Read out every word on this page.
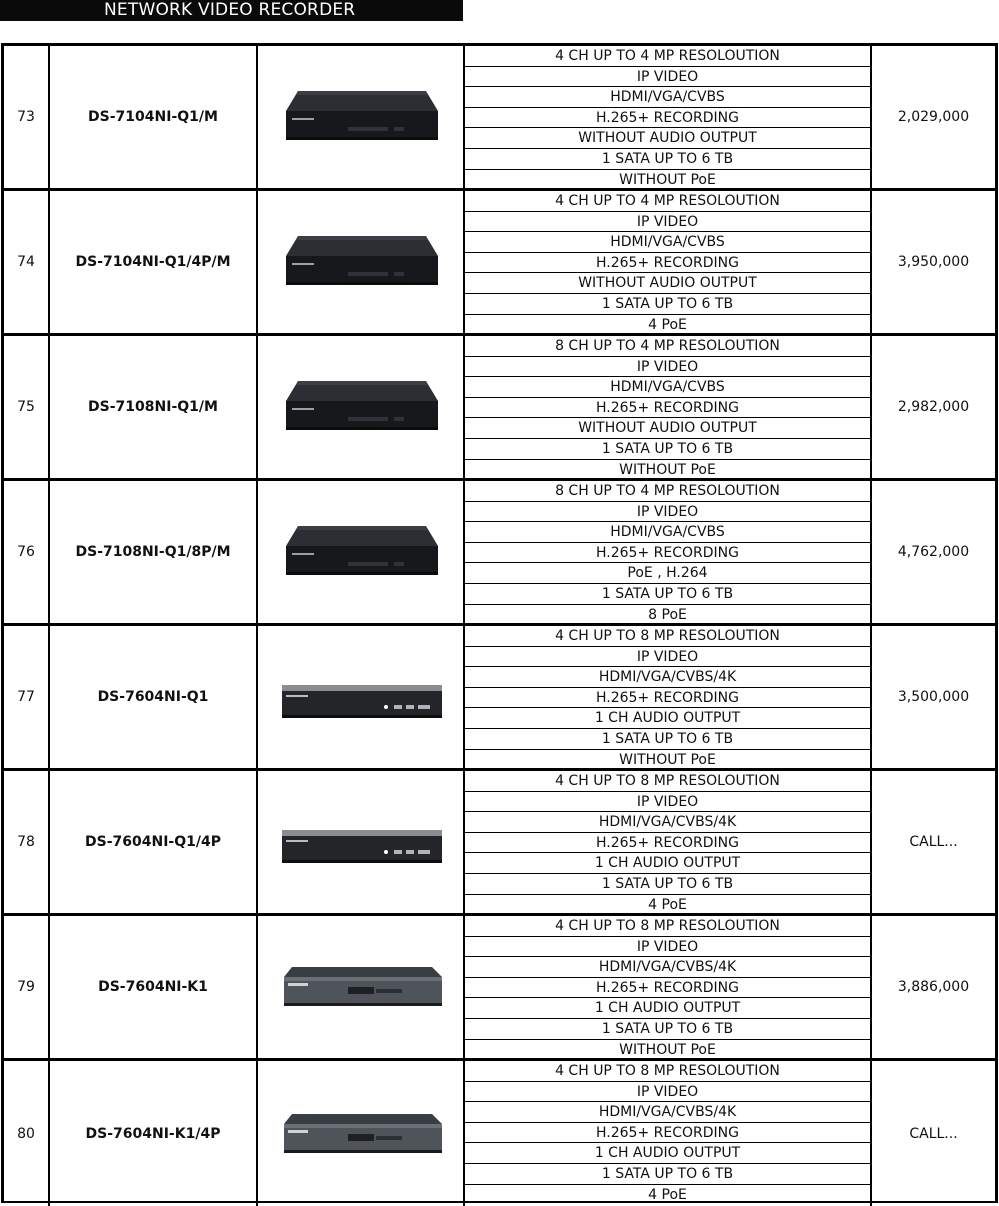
NETWORK VIDEO RECORDER
73	DS-7104NI-Q1/M
4 CH UP TO 4 MP RESOLOUTION
IP VIDEO
HDMI/VGA/CVBS
H.265+ RECORDING
WITHOUT AUDIO OUTPUT
1 SATA UP TO 6 TB
WITHOUT PoE
2,029,000
74	DS-7104NI-Q1/4P/M
4 CH UP TO 4 MP RESOLOUTION
IP VIDEO
HDMI/VGA/CVBS
H.265+ RECORDING
WITHOUT AUDIO OUTPUT
1 SATA UP TO 6 TB
4 PoE
3,950,000
75	DS-7108NI-Q1/M
8 CH UP TO 4 MP RESOLOUTION
IP VIDEO
HDMI/VGA/CVBS
H.265+ RECORDING
WITHOUT AUDIO OUTPUT
1 SATA UP TO 6 TB
WITHOUT PoE
2,982,000
76	DS-7108NI-Q1/8P/M
8 CH UP TO 4 MP RESOLOUTION
IP VIDEO
HDMI/VGA/CVBS
H.265+ RECORDING
PoE , H.264
1 SATA UP TO 6 TB
8 PoE
4,762,000
77	DS-7604NI-Q1
4 CH UP TO 8 MP RESOLOUTION
IP VIDEO
HDMI/VGA/CVBS/4K
H.265+ RECORDING
1 CH AUDIO OUTPUT
1 SATA UP TO 6 TB
WITHOUT PoE
3,500,000
78	DS-7604NI-Q1/4P
4 CH UP TO 8 MP RESOLOUTION
IP VIDEO
HDMI/VGA/CVBS/4K
H.265+ RECORDING
1 CH AUDIO OUTPUT
1 SATA UP TO 6 TB
4 PoE
CALL...
79	DS-7604NI-K1
4 CH UP TO 8 MP RESOLOUTION
IP VIDEO
HDMI/VGA/CVBS/4K
H.265+ RECORDING
1 CH AUDIO OUTPUT
1 SATA UP TO 6 TB
WITHOUT PoE
3,886,000
80	DS-7604NI-K1/4P
4 CH UP TO 8 MP RESOLOUTION
IP VIDEO
HDMI/VGA/CVBS/4K
H.265+ RECORDING
1 CH AUDIO OUTPUT
1 SATA UP TO 6 TB
4 PoE
CALL...
